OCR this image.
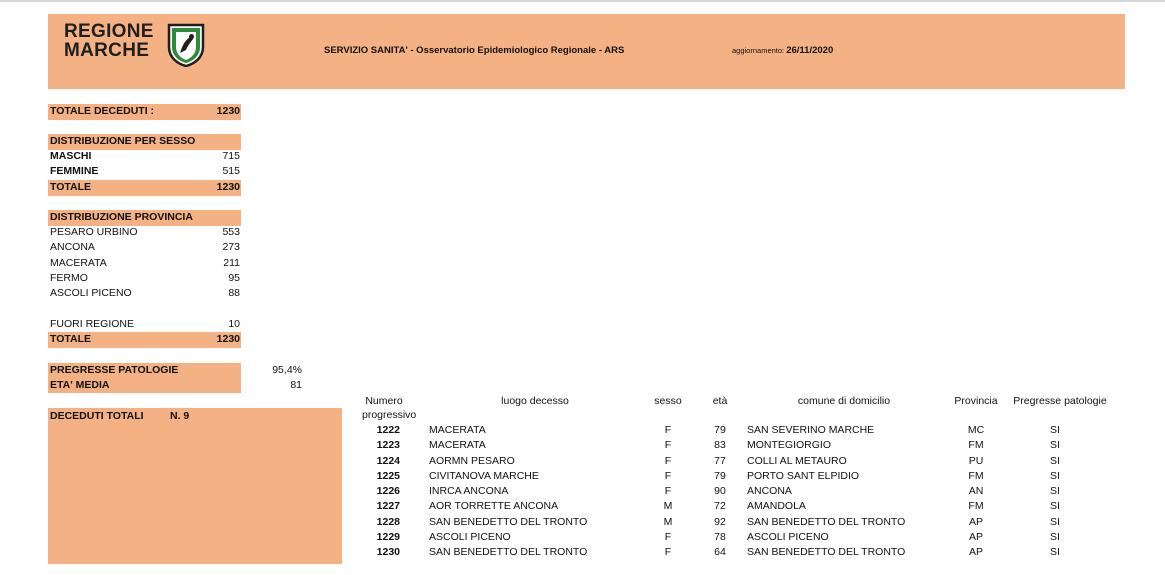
REGIONE
MARCHE	SERVIZIO SANITA' - Osservatorio Epidemiologico Regionale - ARS	aggiornamento: 26/11/2020
TOTALE DECEDUTI :	1230
DISTRIBUZIONE PER SESSO
MASCHI	715
FEMMINE	515
TOTALE	1230
DISTRIBUZIONE PROVINCIA
PESARO URBINO	553
ANCONA	273
MACERATA	211
FERMO	95
ASCOLI PICENO	88
FUORI REGIONE	10
TOTALE	1230
PREGRESSE PATOLOGIE	95,4%
ETA' MEDIA	81
DECEDUTI TOTALI	N. 9
Numero
progressivo
luogo decesso	sesso	età	comune di domicilio	Provincia	Pregresse patologie
1222	MACERATA	F	79	SAN SEVERINO MARCHE	MC	SI
1223	MACERATA	F	83	MONTEGIORGIO	FM	SI
1224	AORMN PESARO	F	77	COLLI AL METAURO	PU	SI
1225	CIVITANOVA MARCHE	F	79	PORTO SANT ELPIDIO	FM	SI
1226	INRCA ANCONA	F	90	ANCONA	AN	SI
1227	AOR TORRETTE ANCONA	M	72	AMANDOLA	FM	SI
1228	SAN BENEDETTO DEL TRONTO	M	92	SAN BENEDETTO DEL TRONTO	AP	SI
1229	ASCOLI PICENO	F	78	ASCOLI PICENO	AP	SI
1230	SAN BENEDETTO DEL TRONTO	F	64	SAN BENEDETTO DEL TRONTO	AP	SI
